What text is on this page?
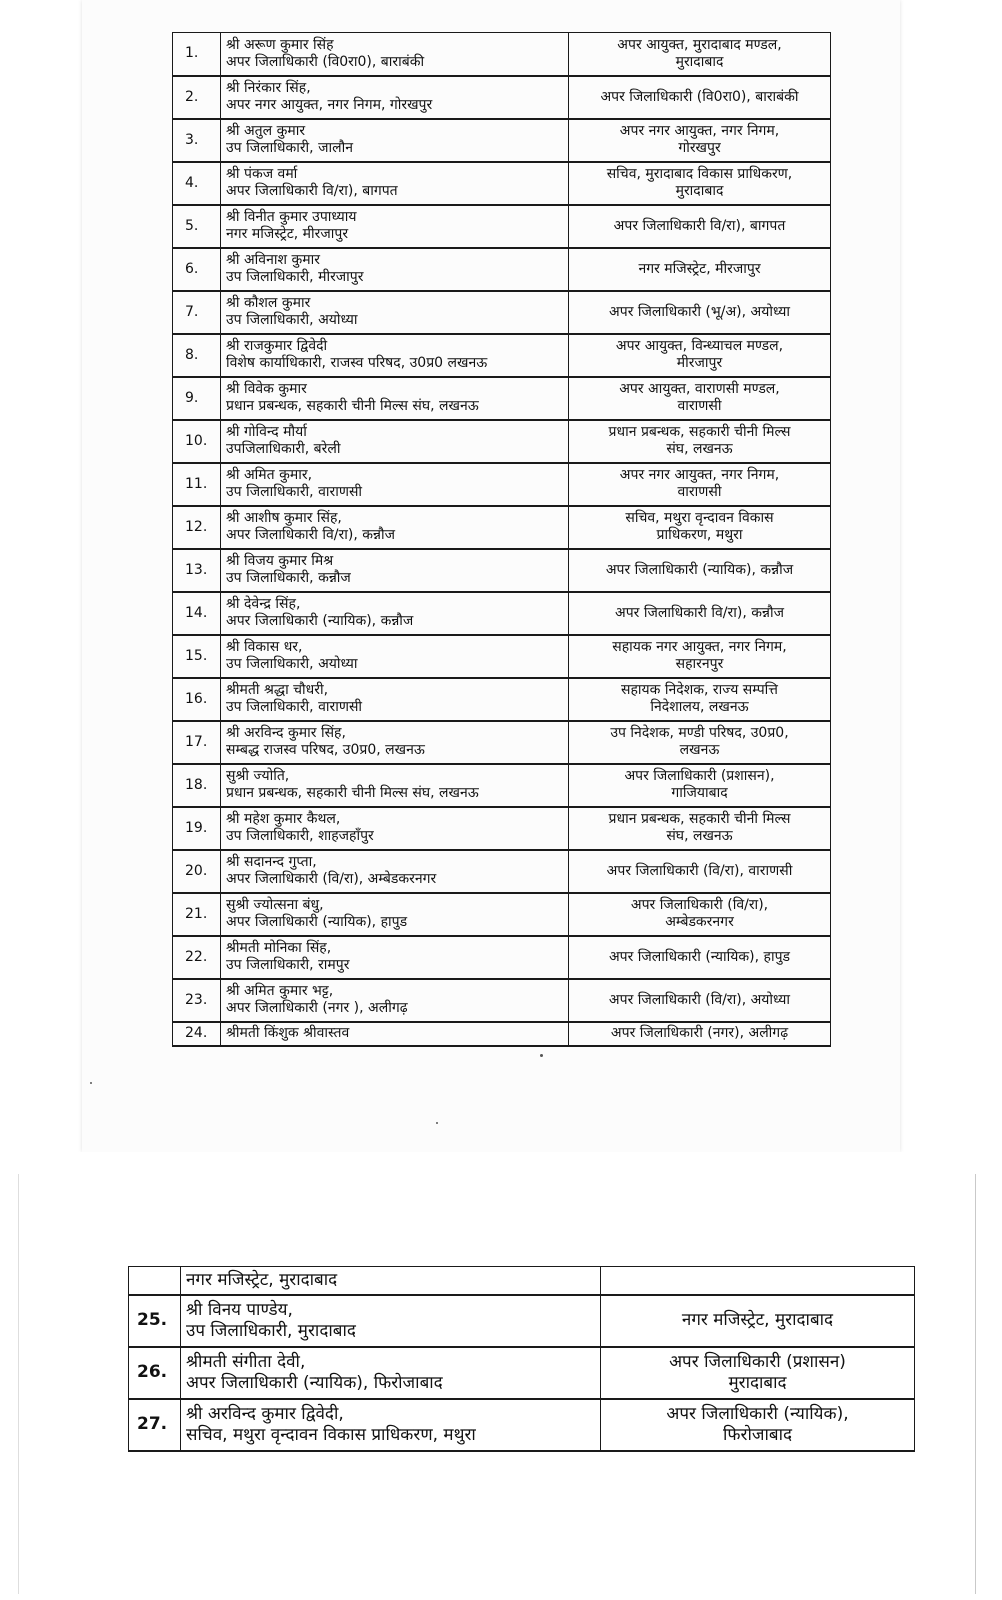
1.	श्री अरूण कुमार सिंह
अपर जिलाधिकारी (वि0रा0), बाराबंकी	अपर आयुक्त, मुरादाबाद मण्डल,
मुरादाबाद

2.	श्री निरंकार सिंह,
अपर नगर आयुक्त, नगर निगम, गोरखपुर	अपर जिलाधिकारी (वि0रा0), बाराबंकी

3.	श्री अतुल कुमार
उप जिलाधिकारी, जालौन	अपर नगर आयुक्त, नगर निगम,
गोरखपुर

4.	श्री पंकज वर्मा
अपर जिलाधिकारी वि/रा), बागपत	सचिव, मुरादाबाद विकास प्राधिकरण,
मुरादाबाद

5.	श्री विनीत कुमार उपाध्याय
नगर मजिस्ट्रेट, मीरजापुर	अपर जिलाधिकारी वि/रा), बागपत

6.	श्री अविनाश कुमार
उप जिलाधिकारी, मीरजापुर	नगर मजिस्ट्रेट, मीरजापुर

7.	श्री कौशल कुमार
उप जिलाधिकारी, अयोध्या	अपर जिलाधिकारी (भू/अ), अयोध्या

8.	श्री राजकुमार द्विवेदी
विशेष कार्याधिकारी, राजस्व परिषद, उ0प्र0 लखनऊ	अपर आयुक्त, विन्ध्याचल मण्डल,
मीरजापुर

9.	श्री विवेक कुमार
प्रधान प्रबन्धक, सहकारी चीनी मिल्स संघ, लखनऊ	अपर आयुक्त, वाराणसी मण्डल,
वाराणसी

10.	श्री गोविन्द मौर्या
उपजिलाधिकारी, बरेली	प्रधान प्रबन्धक, सहकारी चीनी मिल्स
संघ, लखनऊ

11.	श्री अमित कुमार,
उप जिलाधिकारी, वाराणसी	अपर नगर आयुक्त, नगर निगम,
वाराणसी

12.	श्री आशीष कुमार सिंह,
अपर जिलाधिकारी वि/रा), कन्नौज	सचिव, मथुरा वृन्दावन विकास
प्राधिकरण, मथुरा

13.	श्री विजय कुमार मिश्र
उप जिलाधिकारी, कन्नौज	अपर जिलाधिकारी (न्यायिक), कन्नौज

14.	श्री देवेन्द्र सिंह,
अपर जिलाधिकारी (न्यायिक), कन्नौज	अपर जिलाधिकारी वि/रा), कन्नौज

15.	श्री विकास धर,
उप जिलाधिकारी, अयोध्या	सहायक नगर आयुक्त, नगर निगम,
सहारनपुर

16.	श्रीमती श्रद्धा चौधरी,
उप जिलाधिकारी, वाराणसी	सहायक निदेशक, राज्य सम्पत्ति
निदेशालय, लखनऊ

17.	श्री अरविन्द कुमार सिंह,
सम्बद्ध राजस्व परिषद, उ0प्र0, लखनऊ	उप निदेशक, मण्डी परिषद, उ0प्र0,
लखनऊ

18.	सुश्री ज्योति,
प्रधान प्रबन्धक, सहकारी चीनी मिल्स संघ, लखनऊ	अपर जिलाधिकारी (प्रशासन),
गाजियाबाद

19.	श्री महेश कुमार कैथल,
उप जिलाधिकारी, शाहजहाँपुर	प्रधान प्रबन्धक, सहकारी चीनी मिल्स
संघ, लखनऊ

20.	श्री सदानन्द गुप्ता,
अपर जिलाधिकारी (वि/रा), अम्बेडकरनगर	अपर जिलाधिकारी (वि/रा), वाराणसी

21.	सुश्री ज्योत्सना बंधु,
अपर जिलाधिकारी (न्यायिक), हापुड	अपर जिलाधिकारी (वि/रा),
अम्बेडकरनगर

22.	श्रीमती मोनिका सिंह,
उप जिलाधिकारी, रामपुर	अपर जिलाधिकारी (न्यायिक), हापुड

23.	श्री अमित कुमार भट्ट,
अपर जिलाधिकारी (नगर ), अलीगढ़	अपर जिलाधिकारी (वि/रा), अयोध्या

24.	श्रीमती किंशुक श्रीवास्तव	अपर जिलाधिकारी (नगर), अलीगढ़
	नगर मजिस्ट्रेट, मुरादाबाद	
25.	श्री विनय पाण्डेय,
उप जिलाधिकारी, मुरादाबाद	नगर मजिस्ट्रेट, मुरादाबाद

26.	श्रीमती संगीता देवी,
अपर जिलाधिकारी (न्यायिक), फिरोजाबाद	अपर जिलाधिकारी (प्रशासन)
मुरादाबाद

27.	श्री अरविन्द कुमार द्विवेदी,
सचिव, मथुरा वृन्दावन विकास प्राधिकरण, मथुरा	अपर जिलाधिकारी (न्यायिक),
फिरोजाबाद
